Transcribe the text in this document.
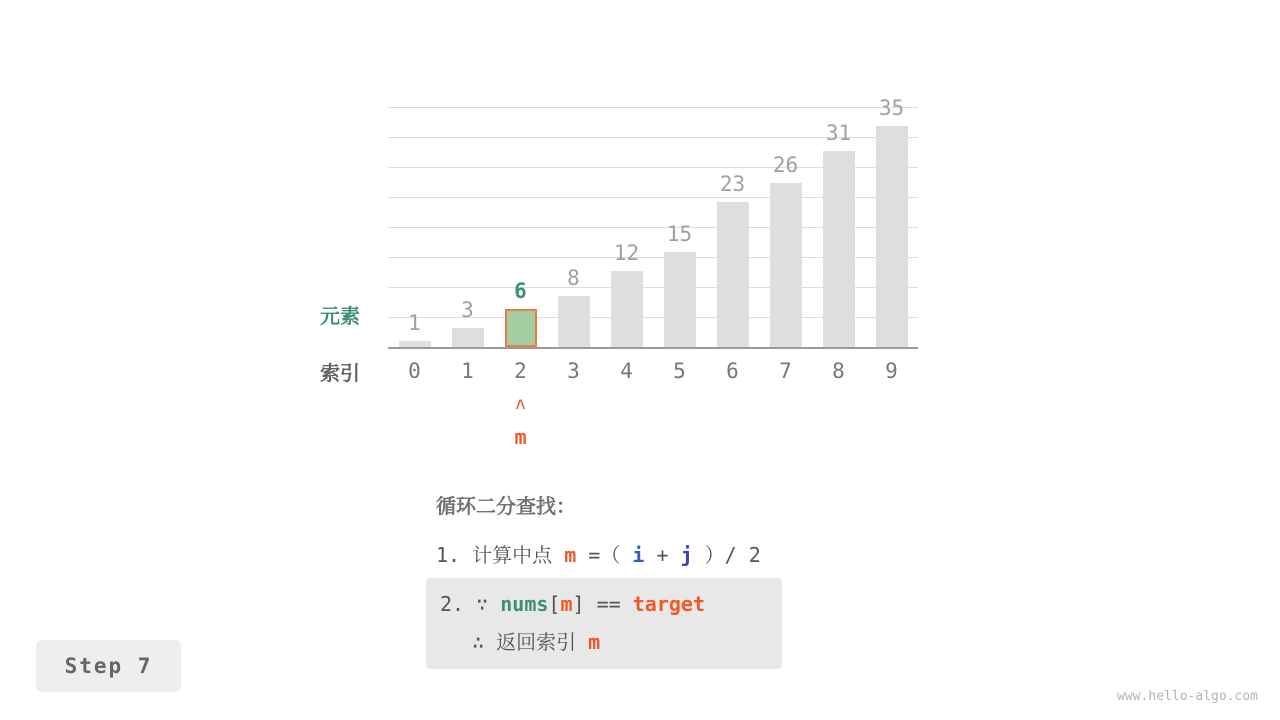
元素
索引
1
3
6
8
12
15
23
26
31
35
0	1	2	3	4	5	6	7	8	9
ʌ
m
循环二分查找：
1. 计算中点 m =（ i + j ）/ 2
2. ∵ nums[m] == target
∴ 返回索引 m
Step 7
www.hello-algo.com
